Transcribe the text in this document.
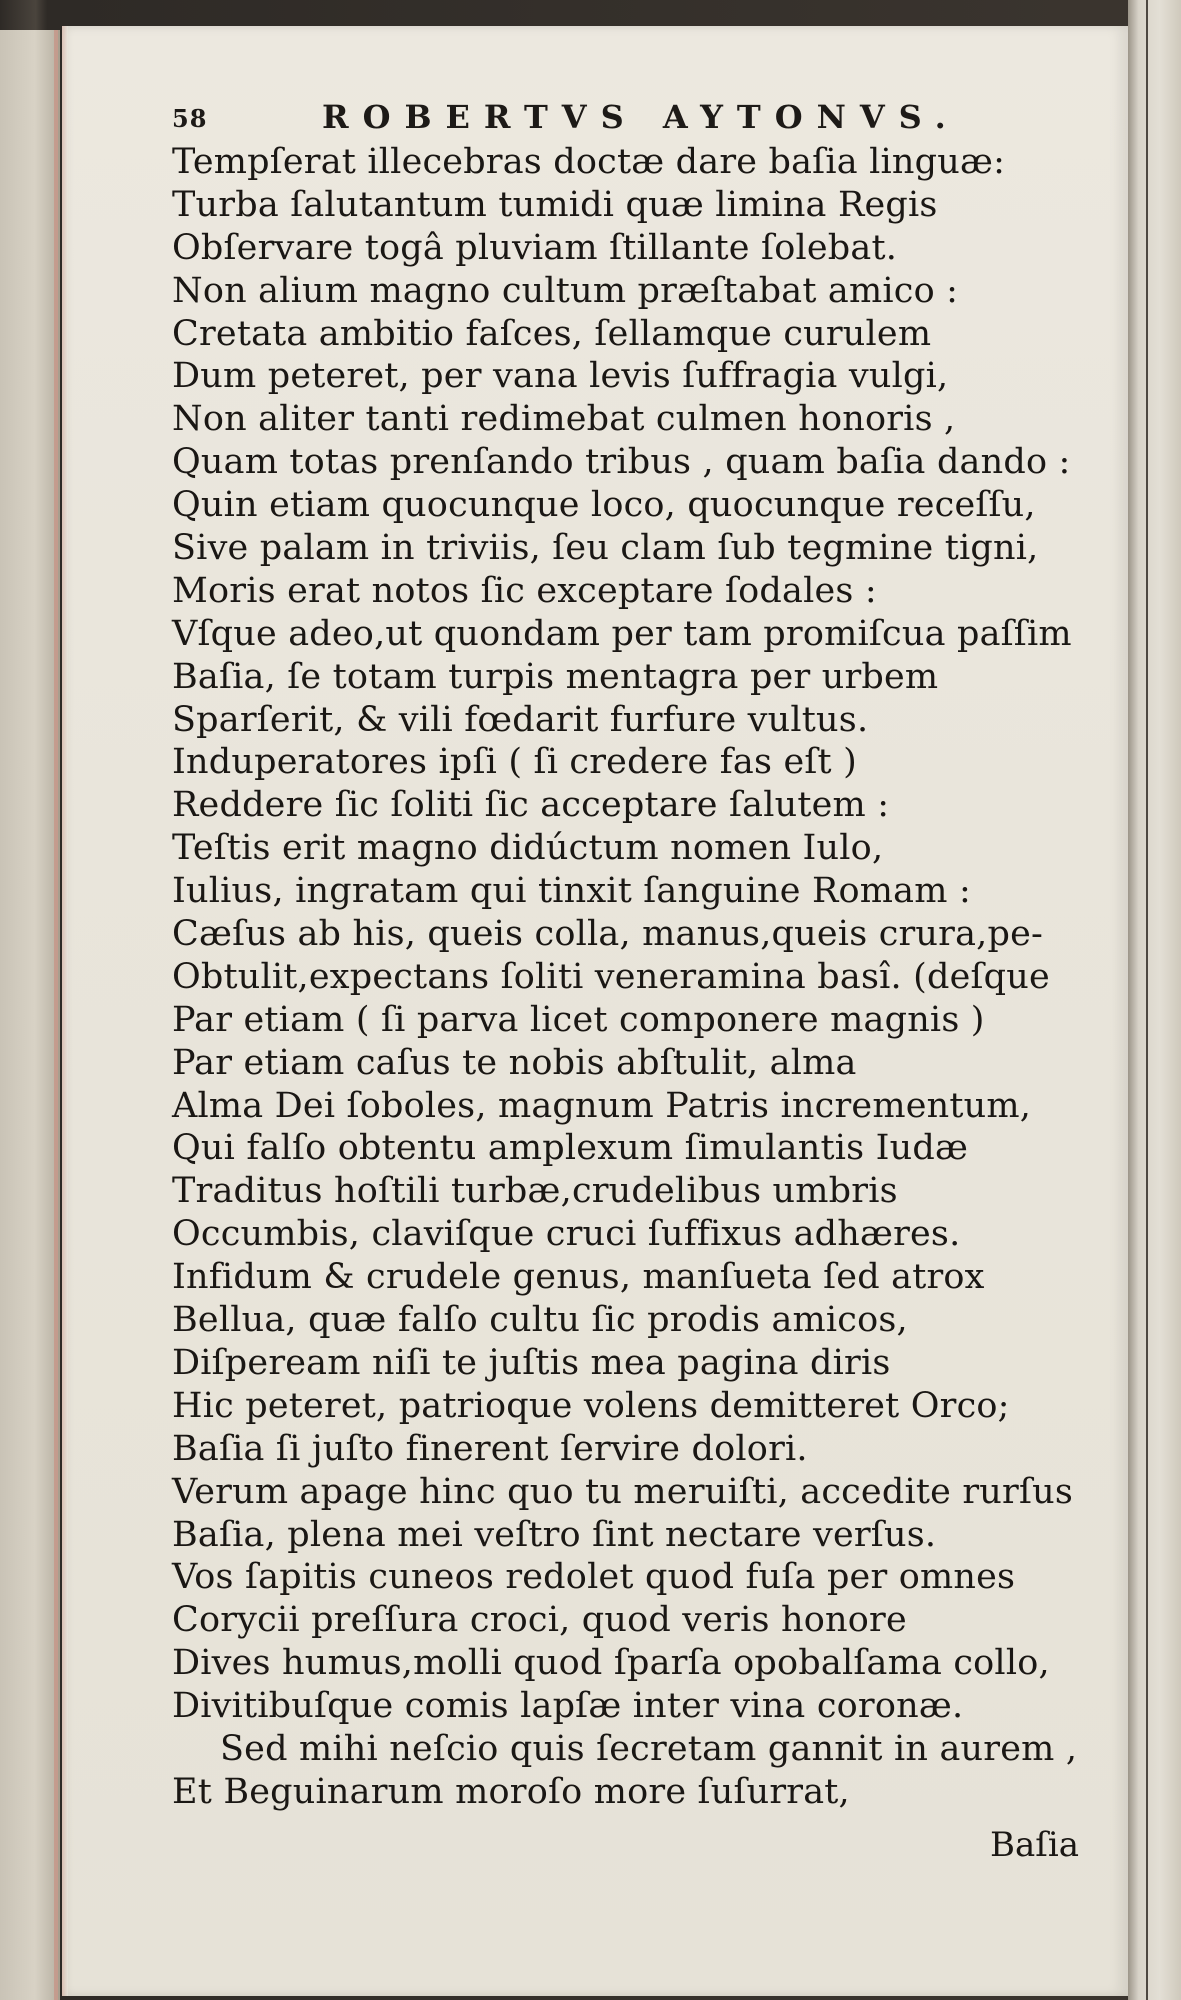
58	ROBERTVS AYTONVS.
Tempſerat illecebras doctæ dare baſia linguæ:
Turba ſalutantum tumidi quæ limina Regis
Obſervare togâ pluviam ſtillante ſolebat.
Non alium magno cultum præſtabat amico :
Cretata ambitio faſces, ſellamque curulem
Dum peteret, per vana levis ſuffragia vulgi,
Non aliter tanti redimebat culmen honoris ,
Quam totas prenſando tribus , quam baſia dando :
Quin etiam quocunque loco, quocunque receſſu,
Sive palam in triviis, ſeu clam ſub tegmine tigni,
Moris erat notos ſic exceptare ſodales :
Vſque adeo,ut quondam per tam promiſcua paſſim
Baſia, ſe totam turpis mentagra per urbem
Sparſerit, & vili fœdarit furfure vultus.
Induperatores ipſi ( ſi credere fas eſt )
Reddere ſic ſoliti ſic acceptare ſalutem :
Teſtis erit magno didúctum nomen Iulo,
Iulius, ingratam qui tinxit ſanguine Romam :
Cæſus ab his, queis colla, manus,queis crura,pe-
Obtulit,expectans ſoliti veneramina basî. (deſque
Par etiam ( ſi parva licet componere magnis )
Par etiam caſus te nobis abſtulit, alma
Alma Dei ſoboles, magnum Patris incrementum,
Qui falſo obtentu amplexum ſimulantis Iudæ
Traditus hoſtili turbæ,crudelibus umbris
Occumbis, claviſque cruci ſuffixus adhæres.
Infidum & crudele genus, manſueta ſed atrox
Bellua, quæ falſo cultu ſic prodis amicos,
Diſpeream niſi te juſtis mea pagina diris
Hic peteret, patrioque volens demitteret Orco;
Baſia ſi juſto finerent ſervire dolori.
Verum apage hinc quo tu meruiſti, accedite rurſus
Baſia, plena mei veſtro ſint nectare verſus.
Vos ſapitis cuneos redolet quod fuſa per omnes
Corycii preſſura croci, quod veris honore
Dives humus,molli quod ſparſa opobalſama collo,
Divitibuſque comis lapſæ inter vina coronæ.
Sed mihi neſcio quis ſecretam gannit in aurem ,
Et Beguinarum moroſo more ſuſurrat,
Baſia
